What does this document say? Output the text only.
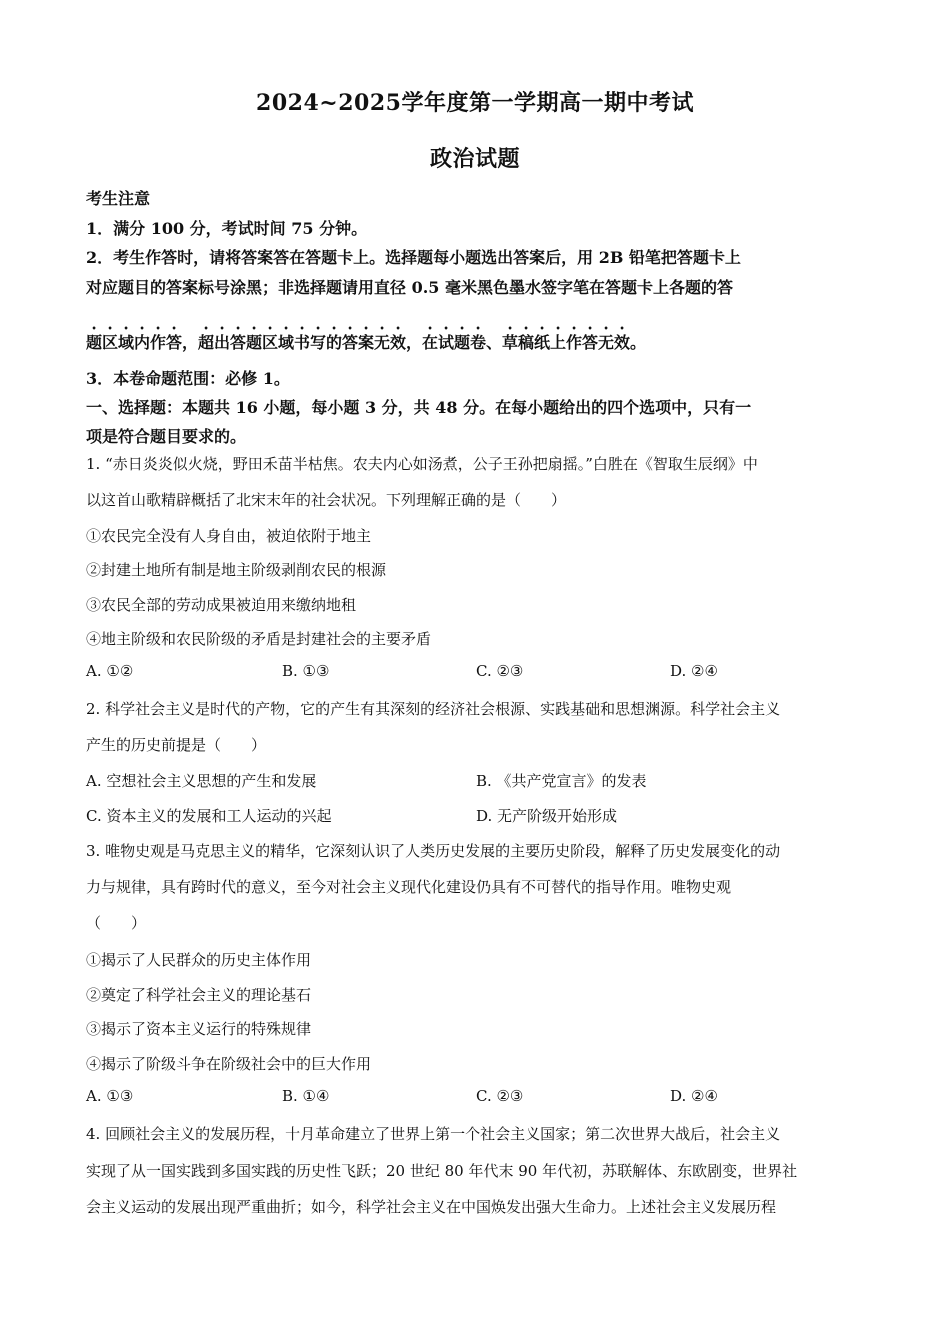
2024~2025学年度第一学期高一期中考试
政治试题
考生注意
1．满分 100 分，考试时间 75 分钟。
2．考生作答时，请将答案答在答题卡上。选择题每小题选出答案后，用 2B 铅笔把答题卡上
对应题目的答案标号涂黑；非选择题请用直径 0.5 毫米黑色墨水签字笔在答题卡上各题的答
题区域内作答，超出答题区域书写的答案无效，在试题卷、草稿纸上作答无效。
3．本卷命题范围：必修 1。
一、选择题：本题共 16 小题，每小题 3 分，共 48 分。在每小题给出的四个选项中，只有一
项是符合题目要求的。
1. “赤日炎炎似火烧，野田禾苗半枯焦。农夫内心如汤煮，公子王孙把扇摇。”白胜在《智取生辰纲》中
以这首山歌精辟概括了北宋末年的社会状况。下列理解正确的是（　　）
①农民完全没有人身自由，被迫依附于地主
②封建土地所有制是地主阶级剥削农民的根源
③农民全部的劳动成果被迫用来缴纳地租
④地主阶级和农民阶级的矛盾是封建社会的主要矛盾
A. ①②	B. ①③	C. ②③	D. ②④
2. 科学社会主义是时代的产物，它的产生有其深刻的经济社会根源、实践基础和思想渊源。科学社会主义
产生的历史前提是（　　）
A. 空想社会主义思想的产生和发展	B. 《共产党宣言》的发表
C. 资本主义的发展和工人运动的兴起	D. 无产阶级开始形成
3. 唯物史观是马克思主义的精华，它深刻认识了人类历史发展的主要历史阶段，解释了历史发展变化的动
力与规律，具有跨时代的意义，至今对社会主义现代化建设仍具有不可替代的指导作用。唯物史观
（　　）
①揭示了人民群众的历史主体作用
②奠定了科学社会主义的理论基石
③揭示了资本主义运行的特殊规律
④揭示了阶级斗争在阶级社会中的巨大作用
A. ①③	B. ①④	C. ②③	D. ②④
4. 回顾社会主义的发展历程，十月革命建立了世界上第一个社会主义国家；第二次世界大战后，社会主义
实现了从一国实践到多国实践的历史性飞跃；20 世纪 80 年代末 90 年代初，苏联解体、东欧剧变，世界社
会主义运动的发展出现严重曲折；如今，科学社会主义在中国焕发出强大生命力。上述社会主义发展历程
